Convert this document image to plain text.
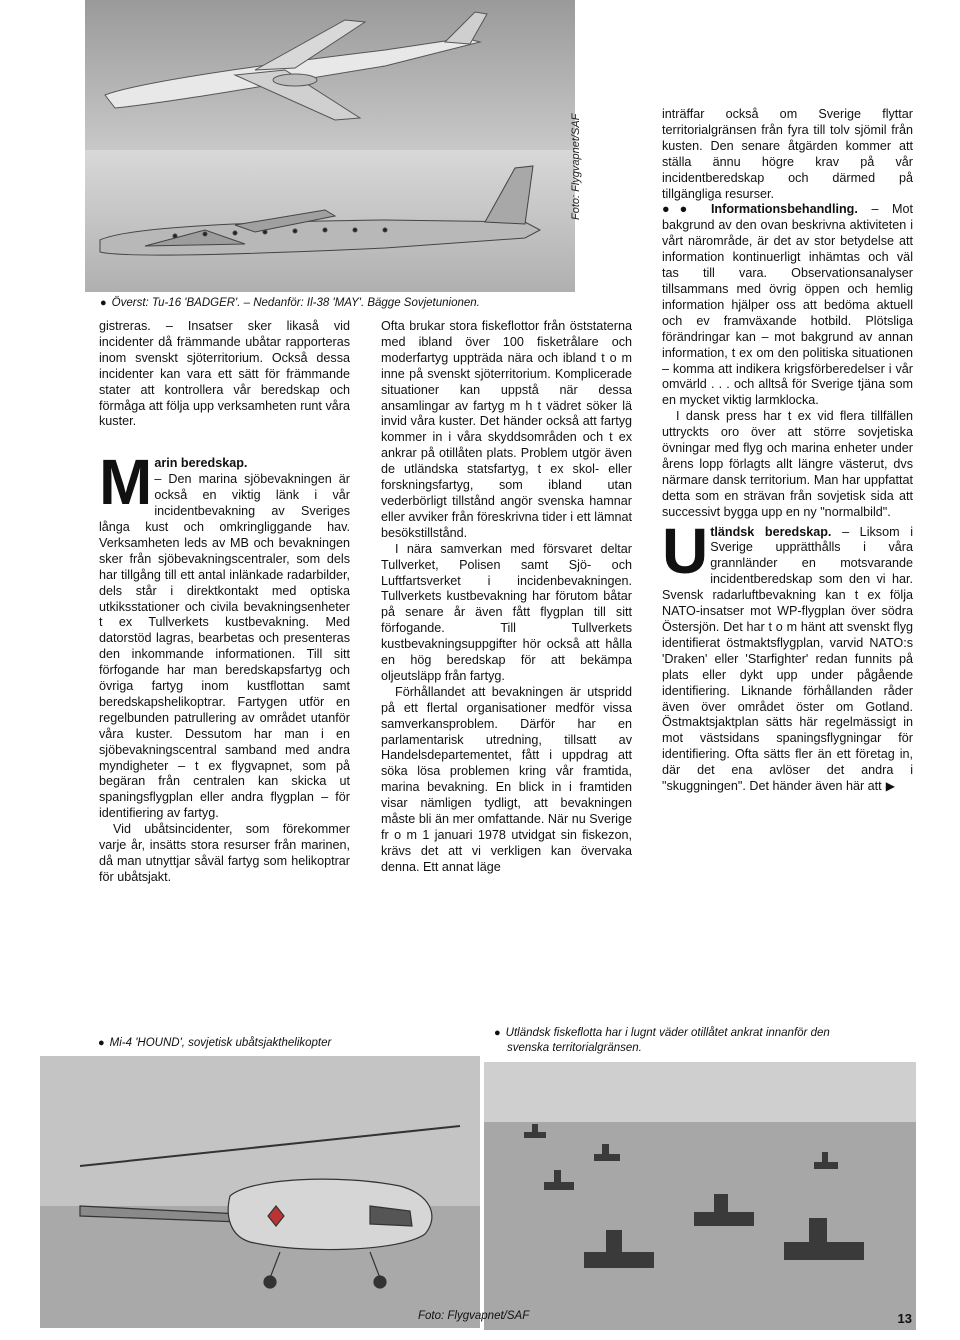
Foto: Flygvapnet/SAF
● Överst: Tu-16 'BADGER'. – Nedanför: Il-38 'MAY'. Bägge Sovjetunionen.

gistreras. – Insatser sker likaså vid incidenter då främmande ubåtar rapporteras inom svenskt sjöterritorium. Också dessa incidenter kan vara ett sätt för främmande stater att kontrollera vår beredskap och förmåga att följa upp verksamheten runt våra kuster.

Marin beredskap.
– Den marina sjöbevakningen är också en viktig länk i vår incidentbevakning av Sveriges långa kust och omkringliggande hav. Verksamheten leds av MB och bevakningen sker från sjöbevakningscentraler, som dels har tillgång till ett antal inlänkade radarbilder, dels står i direktkontakt med optiska utkiksstationer och civila bevakningsenheter t ex Tullverkets kustbevakning. Med datorstöd lagras, bearbetas och presenteras den inkommande informationen. Till sitt förfogande har man beredskapsfartyg och övriga fartyg inom kustflottan samt beredskapshelikoptrar. Fartygen utför en regelbunden patrullering av området utanför våra kuster. Dessutom har man i en sjöbevakningscentral samband med andra myndigheter – t ex flygvapnet, som på begäran från centralen kan skicka ut spaningsflygplan eller andra flygplan – för identifiering av fartyg.

Vid ubåtsincidenter, som förekommer varje år, insätts stora resurser från marinen, då man utnyttjar såväl fartyg som helikoptrar för ubåtsjakt.

Ofta brukar stora fiskeflottor från öststaterna med ibland över 100 fisketrålare och moderfartyg uppträda nära och ibland t o m inne på svenskt sjöterritorium. Komplicerade situationer kan uppstå när dessa ansamlingar av fartyg m h t vädret söker lä invid våra kuster. Det händer också att fartyg kommer in i våra skyddsområden och t ex ankrar på otillåten plats. Problem utgör även de utländska statsfartyg, t ex skol- eller forskningsfartyg, som ibland utan vederbörligt tillstånd angör svenska hamnar eller avviker från föreskrivna tider i ett lämnat besökstillstånd.

I nära samverkan med försvaret deltar Tullverket, Polisen samt Sjö- och Luftfartsverket i incidenbevakningen. Tullverkets kustbevakning har förutom båtar på senare år även fått flygplan till sitt förfogande. Till Tullverkets kustbevakningsuppgifter hör också att hålla en hög beredskap för att bekämpa oljeutsläpp från fartyg.

Förhållandet att bevakningen är utspridd på ett flertal organisationer medför vissa samverkansproblem. Därför har en parlamentarisk utredning, tillsatt av Handelsdepartementet, fått i uppdrag att söka lösa problemen kring vår framtida, marina bevakning. En blick in i framtiden visar nämligen tydligt, att bevakningen måste bli än mer omfattande. När nu Sverige fr o m 1 januari 1978 utvidgat sin fiskezon, krävs det att vi verkligen kan övervaka denna. Ett annat läge

inträffar också om Sverige flyttar territorialgränsen från fyra till tolv sjömil från kusten. Den senare åtgärden kommer att ställa ännu högre krav på vår incidentberedskap och därmed på tillgängliga resurser.

●● Informationsbehandling. – Mot bakgrund av den ovan beskrivna aktiviteten i vårt närområde, är det av stor betydelse att information kontinuerligt inhämtas och väl tas till vara. Observationsanalyser tillsammans med övrig öppen och hemlig information hjälper oss att bedöma aktuell och ev framväxande hotbild. Plötsliga förändringar kan – mot bakgrund av annan information, t ex om den politiska situationen – komma att indikera krigsförberedelser i vår omvärld . . . och alltså för Sverige tjäna som en mycket viktig larmklocka.

I dansk press har t ex vid flera tillfällen uttryckts oro över att större sovjetiska övningar med flyg och marina enheter under årens lopp förlagts allt längre västerut, dvs närmare dansk territorium. Man har uppfattat detta som en strävan från sovjetisk sida att successivt bygga upp en ny "normalbild".

Utländsk beredskap. – Liksom i Sverige upprätthålls i våra grannländer en motsvarande incidentberedskap som den vi har. Svensk radarluftbevakning kan t ex följa NATO-insatser mot WP-flygplan över södra Östersjön. Det har t o m hänt att svenskt flyg identifierat östmaktsflygplan, varvid NATO:s 'Draken' eller 'Starfighter' redan funnits på plats eller dykt upp under pågående identifiering. Liknande förhållanden råder även över området öster om Gotland. Östmaktsjaktplan sätts här regelmässigt in mot västsidans spaningsflygningar för identifiering. Ofta sätts fler än ett företag in, där det ena avlöser det andra i "skuggningen". Det händer även här att ▶

● Mi-4 'HOUND', sovjetisk ubåtsjakthelikopter
● Utländsk fiskeflotta har i lugnt väder otillåtet ankrat innanför den
svenska territorialgränsen.
Foto: Flygvapnet/SAF	13
